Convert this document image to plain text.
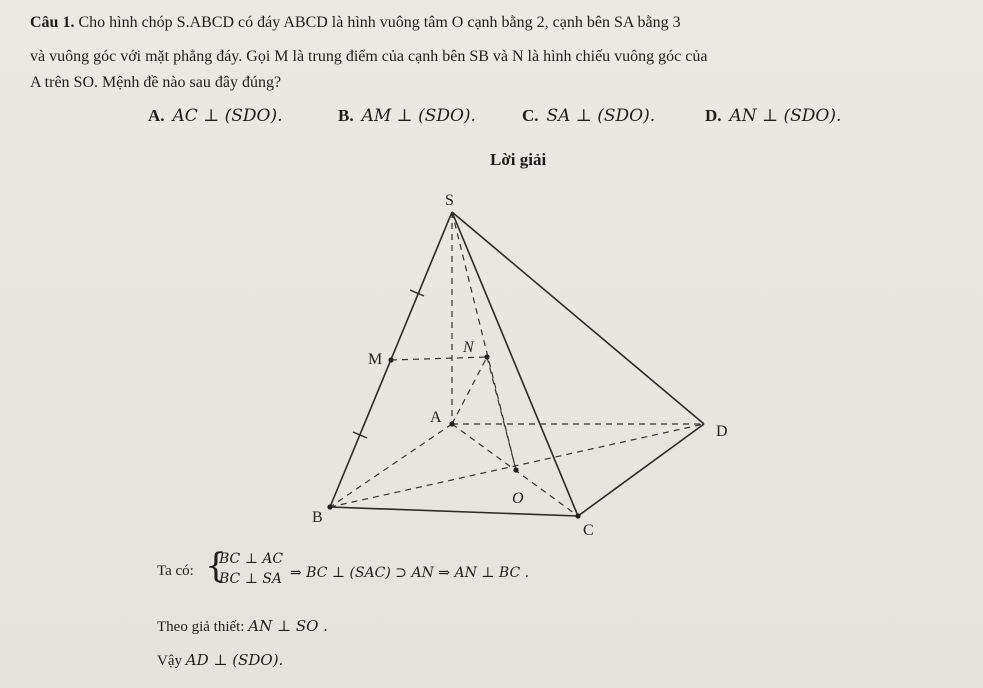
Câu 1. Cho hình chóp S.ABCD có đáy ABCD là hình vuông tâm O cạnh bằng 2, cạnh bên SA bằng 3
và vuông góc với mặt phẳng đáy. Gọi M là trung điểm của cạnh bên SB và N là hình chiếu vuông góc của
A trên SO. Mệnh đề nào sau đây đúng?
A. AC ⊥ (SDO).	B. AM ⊥ (SDO).	C. SA ⊥ (SDO).	D. AN ⊥ (SDO).
Lời giải
S
M
N
A
D
O
B
C
Ta có: {
BC ⊥ AC
BC ⊥ SA ⇒ BC ⊥ (SAC) ⊃ AN ⇒ AN ⊥ BC .
Theo giả thiết: AN ⊥ SO .
Vậy AD ⊥ (SDO).
